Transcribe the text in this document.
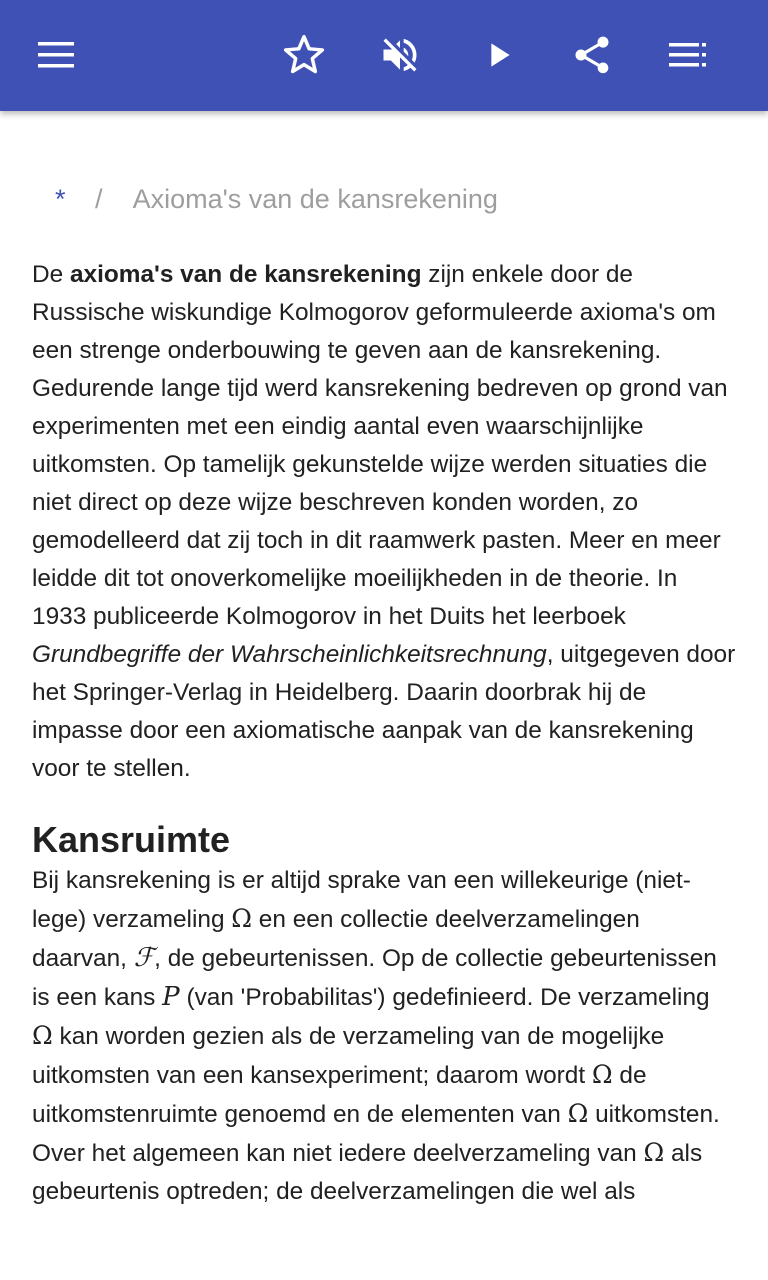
* / Axioma's van de kansrekening

De axioma's van de kansrekening zijn enkele door de Russische wiskundige Kolmogorov geformuleerde axioma's om een strenge onderbouwing te geven aan de kansrekening. Gedurende lange tijd werd kansrekening bedreven op grond van experimenten met een eindig aantal even waarschijnlijke uitkomsten. Op tamelijk gekunstelde wijze werden situaties die niet direct op deze wijze beschreven konden worden, zo gemodelleerd dat zij toch in dit raamwerk pasten. Meer en meer leidde dit tot onoverkomelijke moeilijkheden in de theorie. In 1933 publiceerde Kolmogorov in het Duits het leerboek Grundbegriffe der Wahrscheinlichkeitsrechnung, uitgegeven door het Springer-Verlag in Heidelberg. Daarin doorbrak hij de impasse door een axiomatische aanpak van de kansrekening voor te stellen.

Kansruimte

Bij kansrekening is er altijd sprake van een willekeurige (niet-lege) verzameling Ω en een collectie deelverzamelingen daarvan, ℱ, de gebeurtenissen. Op de collectie gebeurtenissen is een kans P (van 'Probabilitas') gedefinieerd. De verzameling Ω kan worden gezien als de verzameling van de mogelijke uitkomsten van een kansexperiment; daarom wordt Ω de uitkomstenruimte genoemd en de elementen van Ω uitkomsten. Over het algemeen kan niet iedere deelverzameling van Ω als gebeurtenis optreden; de deelverzamelingen die wel als
